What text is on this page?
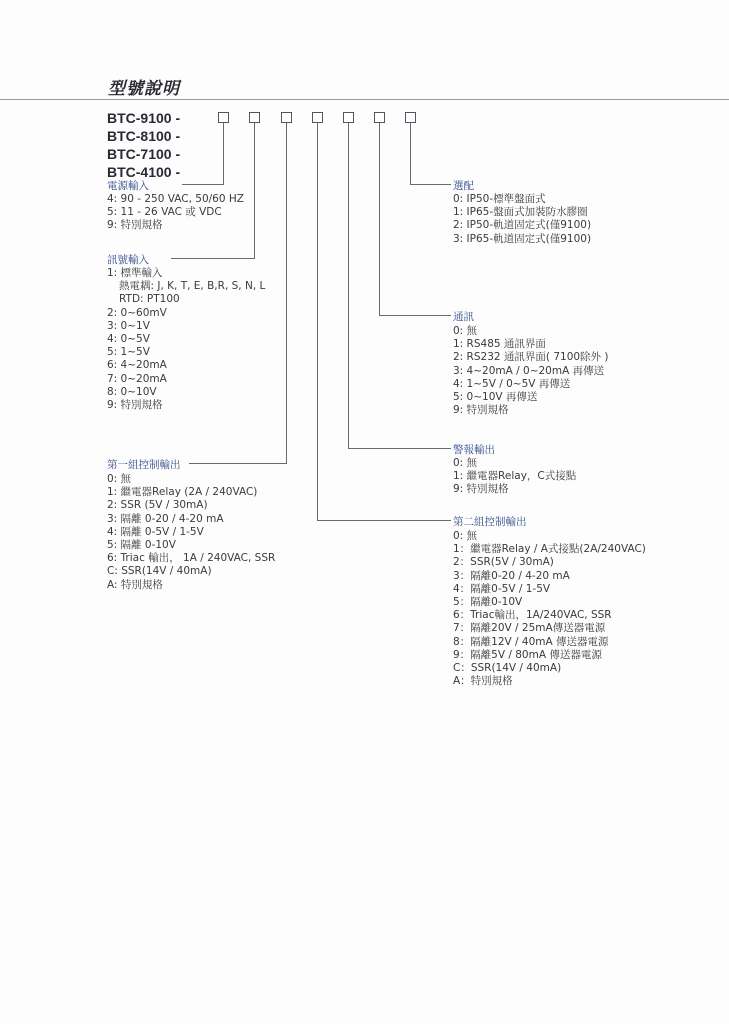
型號說明
BTC-9100 -
BTC-8100 -
BTC-7100 -
BTC-4100 -
電源輸入
4: 90 - 250 VAC, 50/60 HZ
5: 11 - 26 VAC 或 VDC
9: 特別規格
訊號輸入
1: 標準輸入
熱電耦: J, K, T, E, B,R, S, N, L
RTD: PT100
2: 0~60mV
3: 0~1V
4: 0~5V
5: 1~5V
6: 4~20mA
7: 0~20mA
8: 0~10V
9: 特別規格
第一組控制輸出
0: 無
1: 繼電器Relay (2A / 240VAC)
2: SSR (5V / 30mA)
3: 隔離 0-20 / 4-20 mA
4: 隔離 0-5V / 1-5V
5: 隔離 0-10V
6: Triac 輸出， 1A / 240VAC, SSR
C: SSR(14V / 40mA)
A: 特別規格
選配
0: IP50-標準盤面式
1: IP65-盤面式加裝防水膠圈
2: IP50-軌道固定式(僅9100)
3: IP65-軌道固定式(僅9100)
通訊
0: 無
1: RS485 通訊界面
2: RS232 通訊界面( 7100除外 )
3: 4~20mA / 0~20mA 再傳送
4: 1~5V / 0~5V 再傳送
5: 0~10V 再傳送
9: 特別規格
警報輸出
0: 無
1: 繼電器Relay，C式接點
9: 特別規格
第二組控制輸出
0: 無
1：繼電器Relay / A式接點(2A/240VAC)
2：SSR(5V / 30mA)
3：隔離0-20 / 4-20 mA
4：隔離0-5V / 1-5V
5：隔離0-10V
6：Triac輸出，1A/240VAC, SSR
7：隔離20V / 25mA傳送器電源
8：隔離12V / 40mA 傳送器電源
9：隔離5V / 80mA 傳送器電源
C：SSR(14V / 40mA)
A：特別規格
